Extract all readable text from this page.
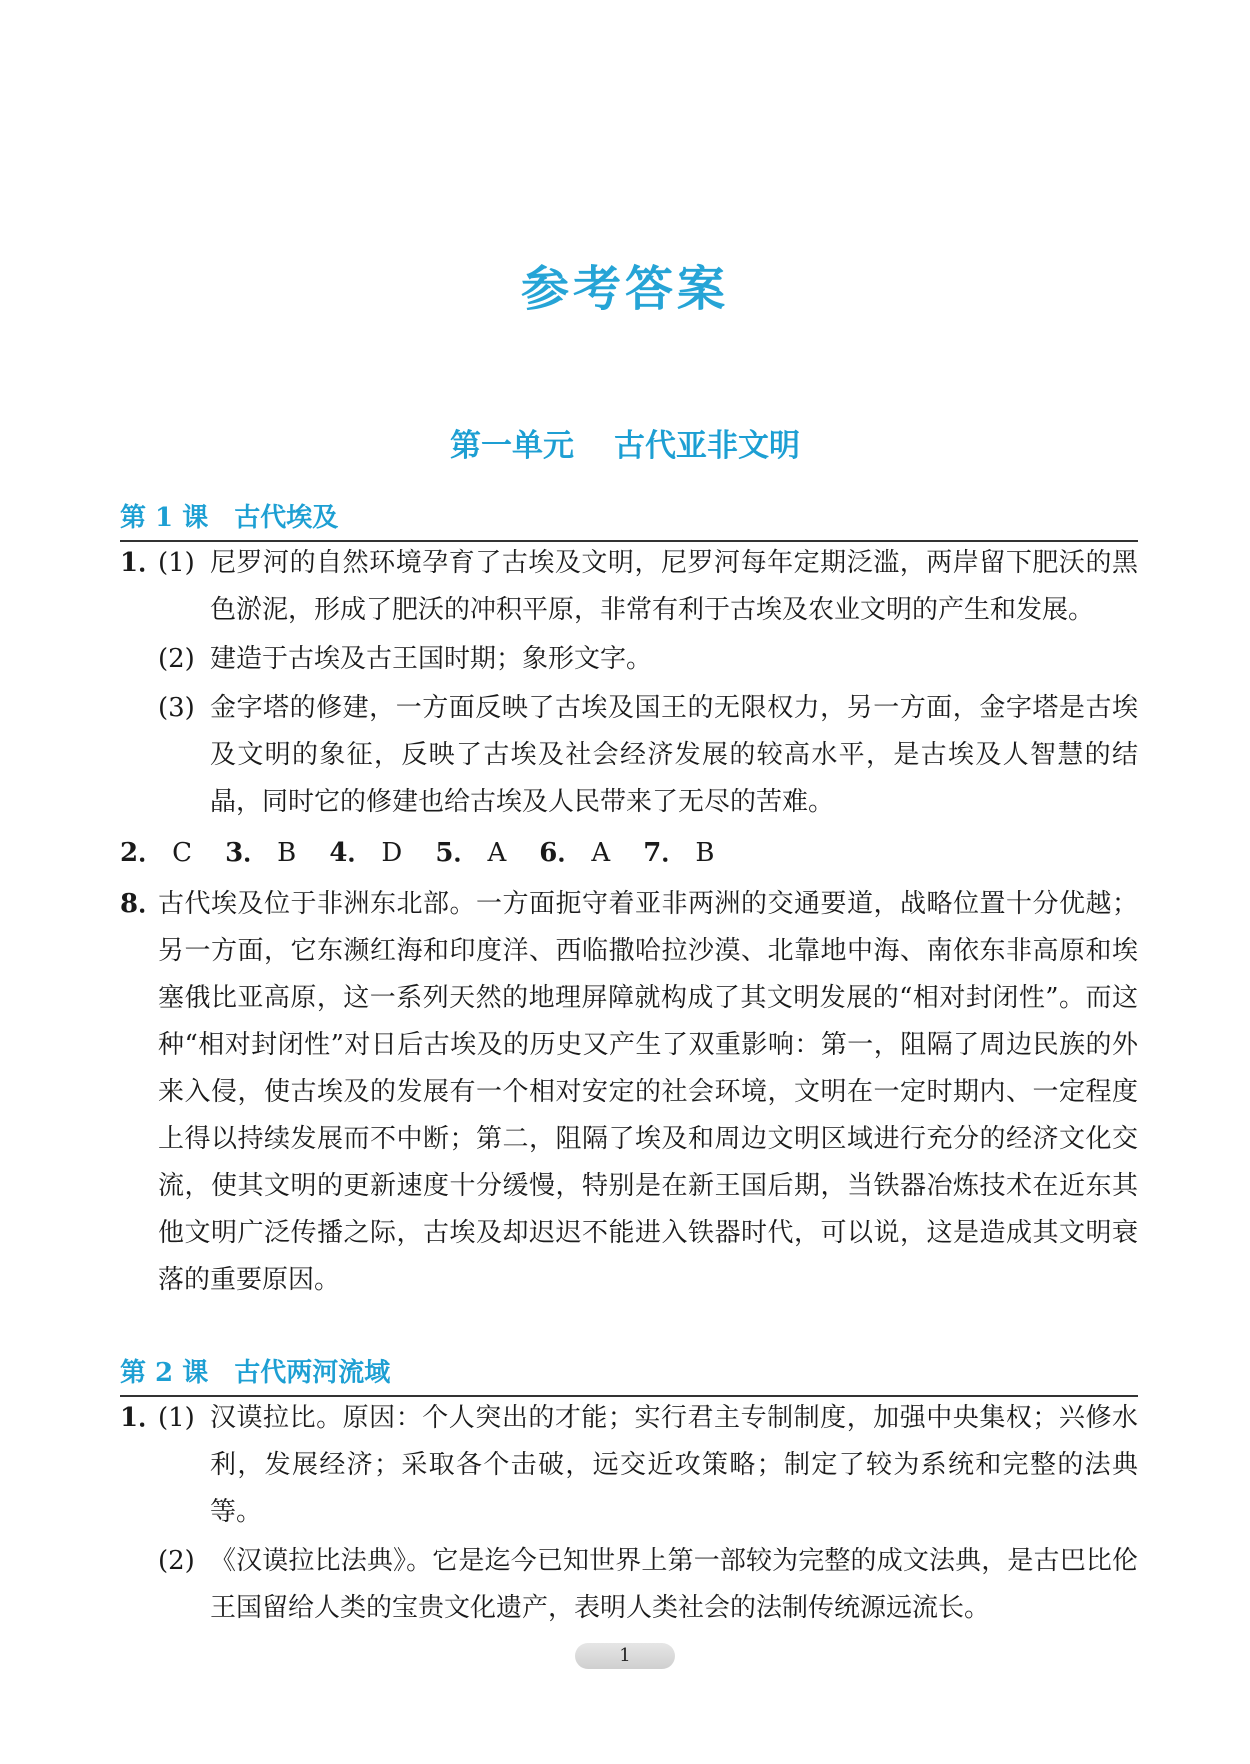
参考答案
第一单元 古代亚非文明
第 1 课 古代埃及
1．
(1) 尼罗河的自然环境孕育了古埃及文明，尼罗河每年定期泛滥，两岸留下肥沃的黑色淤泥，形成了肥沃的冲积平原，非常有利于古埃及农业文明的产生和发展。
(2) 建造于古埃及古王国时期；象形文字。
(3) 金字塔的修建，一方面反映了古埃及国王的无限权力，另一方面，金字塔是古埃及文明的象征，反映了古埃及社会经济发展的较高水平，是古埃及人智慧的结晶，同时它的修建也给古埃及人民带来了无尽的苦难。
2． C 3． B 4． D 5． A 6． A 7． B
8．
古代埃及位于非洲东北部。一方面扼守着亚非两洲的交通要道，战略位置十分优越；另一方面，它东濒红海和印度洋、西临撒哈拉沙漠、北靠地中海、南依东非高原和埃塞俄比亚高原，这一系列天然的地理屏障就构成了其文明发展的“相对封闭性”。而这种“相对封闭性”对日后古埃及的历史又产生了双重影响：第一，阻隔了周边民族的外来入侵，使古埃及的发展有一个相对安定的社会环境，文明在一定时期内、一定程度上得以持续发展而不中断；第二，阻隔了埃及和周边文明区域进行充分的经济文化交流，使其文明的更新速度十分缓慢，特别是在新王国后期，当铁器冶炼技术在近东其他文明广泛传播之际，古埃及却迟迟不能进入铁器时代，可以说，这是造成其文明衰落的重要原因。
第 2 课 古代两河流域
1．
(1) 汉谟拉比。原因：个人突出的才能；实行君主专制制度，加强中央集权；兴修水利，发展经济；采取各个击破，远交近攻策略；制定了较为系统和完整的法典等。
(2) 《汉谟拉比法典》。它是迄今已知世界上第一部较为完整的成文法典，是古巴比伦王国留给人类的宝贵文化遗产，表明人类社会的法制传统源远流长。
1
